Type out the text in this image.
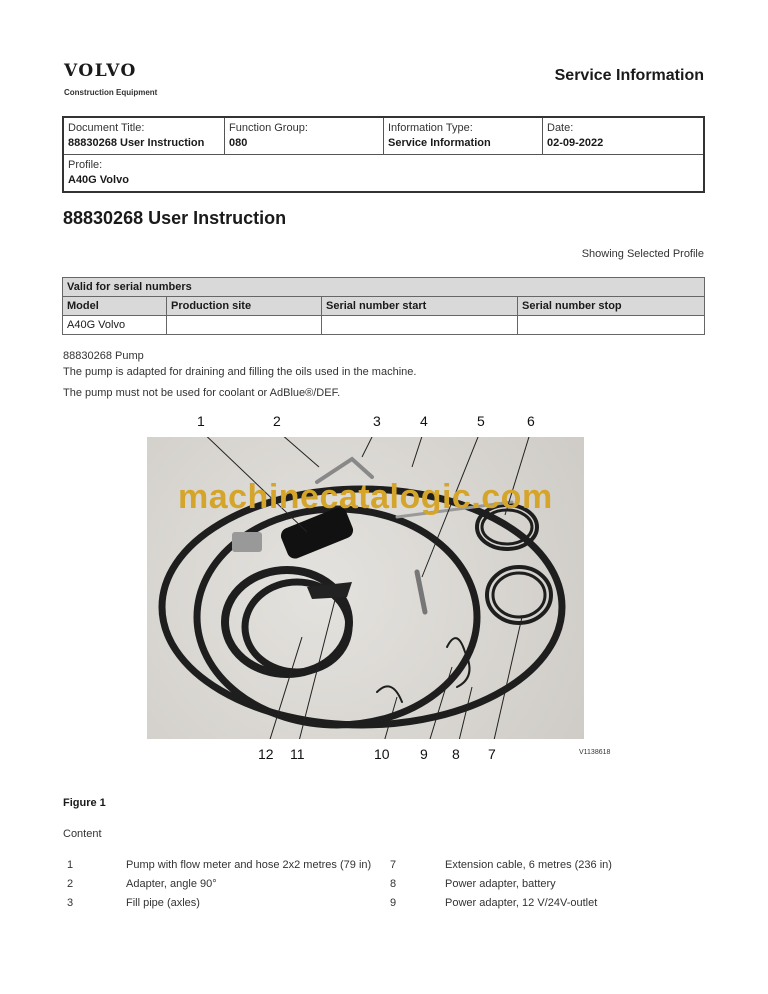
VOLVO
Construction Equipment
Service Information
Document Title:
88830268 User Instruction

Function Group:
080

Information Type:
Service Information

Date:
02-09-2022

Profile:
A40G Volvo
88830268 User Instruction
Showing Selected Profile
Valid for serial numbers			
Model	Production site	Serial number start	Serial number stop
A40G Volvo			
88830268 Pump
The pump is adapted for draining and filling the oils used in the machine.
The pump must not be used for coolant or AdBlue®/DEF.
1	2	3	4	5	6
machinecatalogic.com
12 11	10 9 8 7	V1138618
Figure 1
Content
1	Pump with flow meter and hose 2x2 metres (79 in)	7	Extension cable, 6 metres (236 in)
2	Adapter, angle 90°	8	Power adapter, battery
3	Fill pipe (axles)	9	Power adapter, 12 V/24V-outlet
